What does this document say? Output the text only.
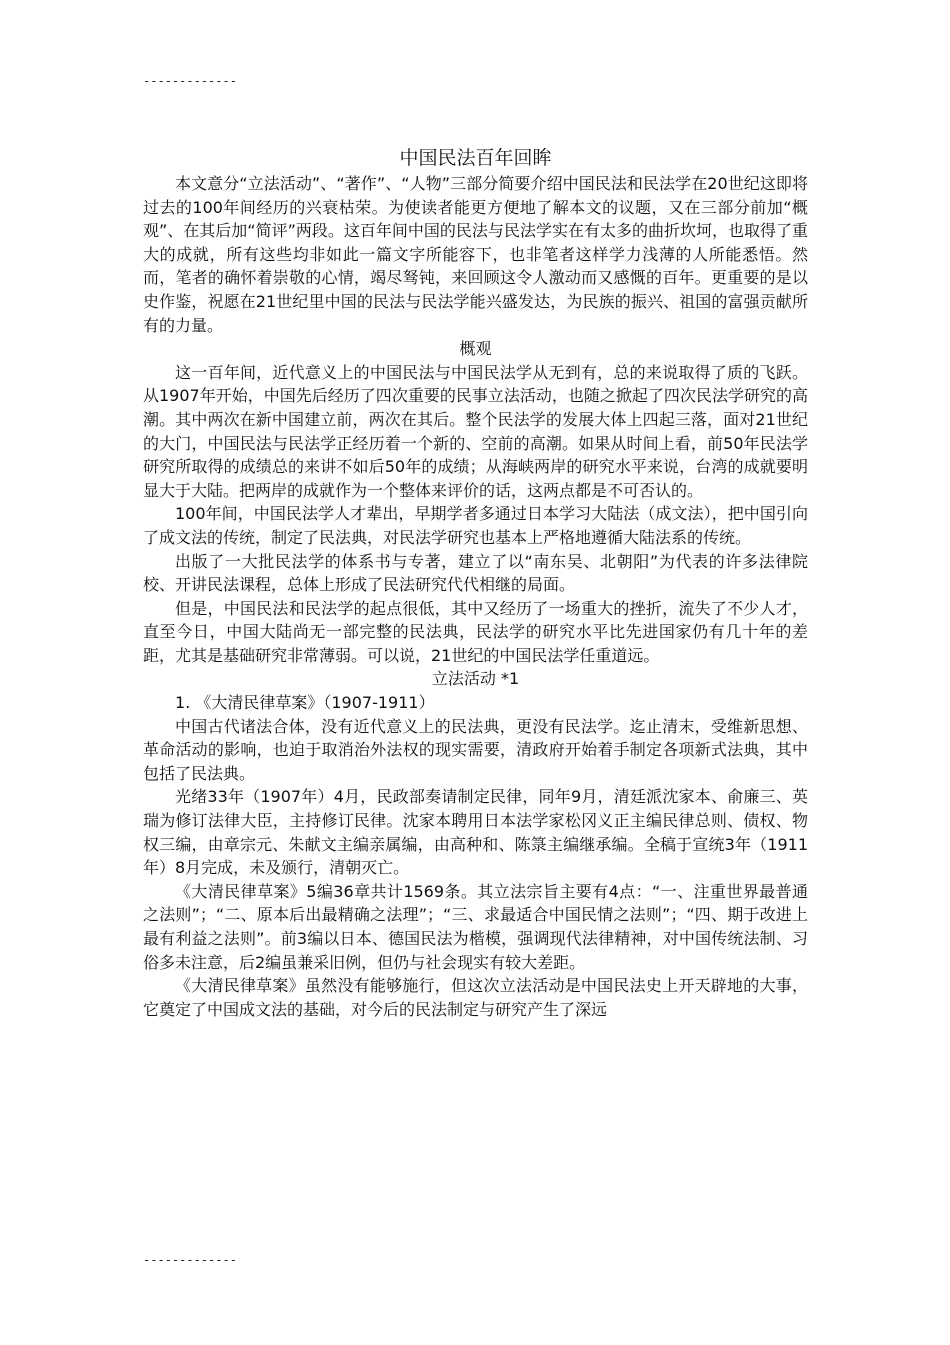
-------------
中国民法百年回眸

本文意分“立法活动”、“著作”、“人物”三部分简要介绍中国民法和民法学在20世纪这即将过去的100年间经历的兴衰枯荣。为使读者能更方便地了解本文的议题，又在三部分前加“概观”、在其后加“简评”两段。这百年间中国的民法与民法学实在有太多的曲折坎坷，也取得了重大的成就，所有这些均非如此一篇文字所能容下，也非笔者这样学力浅薄的人所能悉悟。然而，笔者的确怀着崇敬的心情，竭尽驽钝，来回顾这令人激动而又感慨的百年。更重要的是以史作鉴，祝愿在21世纪里中国的民法与民法学能兴盛发达，为民族的振兴、祖国的富强贡献所有的力量。

概观

这一百年间，近代意义上的中国民法与中国民法学从无到有，总的来说取得了质的飞跃。从1907年开始，中国先后经历了四次重要的民事立法活动，也随之掀起了四次民法学研究的高潮。其中两次在新中国建立前，两次在其后。整个民法学的发展大体上四起三落，面对21世纪的大门，中国民法与民法学正经历着一个新的、空前的高潮。如果从时间上看，前50年民法学研究所取得的成绩总的来讲不如后50年的成绩；从海峡两岸的研究水平来说，台湾的成就要明显大于大陆。把两岸的成就作为一个整体来评价的话，这两点都是不可否认的。

100年间，中国民法学人才辈出，早期学者多通过日本学习大陆法（成文法），把中国引向了成文法的传统，制定了民法典，对民法学研究也基本上严格地遵循大陆法系的传统。

出版了一大批民法学的体系书与专著，建立了以“南东吴、北朝阳”为代表的许多法律院校、开讲民法课程，总体上形成了民法研究代代相继的局面。

但是，中国民法和民法学的起点很低，其中又经历了一场重大的挫折，流失了不少人才，直至今日，中国大陆尚无一部完整的民法典，民法学的研究水平比先进国家仍有几十年的差距，尤其是基础研究非常薄弱。可以说，21世纪的中国民法学任重道远。

立法活动 *1
1. 《大清民律草案》（1907-1911）

中国古代诸法合体，没有近代意义上的民法典，更没有民法学。迄止清末，受维新思想、革命活动的影响，也迫于取消治外法权的现实需要，清政府开始着手制定各项新式法典，其中包括了民法典。

光绪33年（1907年）4月，民政部奏请制定民律，同年9月，清廷派沈家本、俞廉三、英瑞为修订法律大臣，主持修订民律。沈家本聘用日本法学家松冈义正主编民律总则、债权、物权三编，由章宗元、朱献文主编亲属编，由高种和、陈箓主编继承编。全稿于宣统3年（1911年）8月完成，未及颁行，清朝灭亡。

《大清民律草案》5编36章共计1569条。其立法宗旨主要有4点：“一、注重世界最普通之法则”；“二、原本后出最精确之法理”；“三、求最适合中国民情之法则”；“四、期于改进上最有利益之法则”。前3编以日本、德国民法为楷模，强调现代法律精神，对中国传统法制、习俗多未注意，后2编虽兼采旧例，但仍与社会现实有较大差距。

《大清民律草案》虽然没有能够施行，但这次立法活动是中国民法史上开天辟地的大事，它奠定了中国成文法的基础，对今后的民法制定与研究产生了深远

-------------
